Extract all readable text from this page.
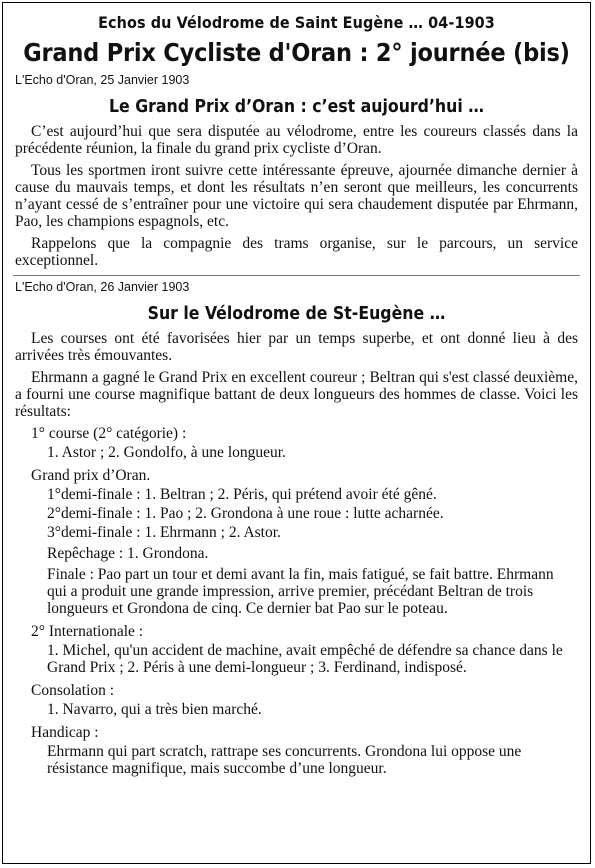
Echos du Vélodrome de Saint Eugène … 04-1903
Grand Prix Cycliste d'Oran : 2° journée (bis)
L'Echo d'Oran, 25 Janvier 1903
Le Grand Prix d’Oran : c’est aujourd’hui …

C’est aujourd’hui que sera disputée au vélodrome, entre les coureurs classés dans la précédente réunion, la finale du grand prix cycliste d’Oran.

Tous les sportmen iront suivre cette intéressante épreuve, ajournée dimanche dernier à cause du mauvais temps, et dont les résultats n’en seront que meilleurs, les concurrents n’ayant cessé de s’entraîner pour une victoire qui sera chaudement disputée par Ehrmann, Pao, les champions espagnols, etc.

Rappelons que la compagnie des trams organise, sur le parcours, un service exceptionnel.

L'Echo d'Oran, 26 Janvier 1903
Sur le Vélodrome de St-Eugène …

Les courses ont été favorisées hier par un temps superbe, et ont donné lieu à des arrivées très émouvantes.

Ehrmann a gagné le Grand Prix en excellent coureur ; Beltran qui s'est classé deuxième, a fourni une course magnifique battant de deux longueurs des hommes de classe. Voici les résultats:

1° course (2° catégorie) :
1. Astor ; 2. Gondolfo, à une longueur.
Grand prix d’Oran.
1°demi-finale : 1. Beltran ; 2. Péris, qui prétend avoir été gêné.
2°demi-finale : 1. Pao ; 2. Grondona à une roue : lutte acharnée.
3°demi-finale : 1. Ehrmann ; 2. Astor.
Repêchage : 1. Grondona.
Finale : Pao part un tour et demi avant la fin, mais fatigué, se fait battre. Ehrmann qui a produit une grande impression, arrive premier, précédant Beltran de trois longueurs et Grondona de cinq. Ce dernier bat Pao sur le poteau.
2° Internationale :
1. Michel, qu'un accident de machine, avait empêché de défendre sa chance dans le Grand Prix ; 2. Péris à une demi-longueur ; 3. Ferdinand, indisposé.
Consolation :
1. Navarro, qui a très bien marché.
Handicap :
Ehrmann qui part scratch, rattrape ses concurrents. Grondona lui oppose une résistance magnifique, mais succombe d’une longueur.
